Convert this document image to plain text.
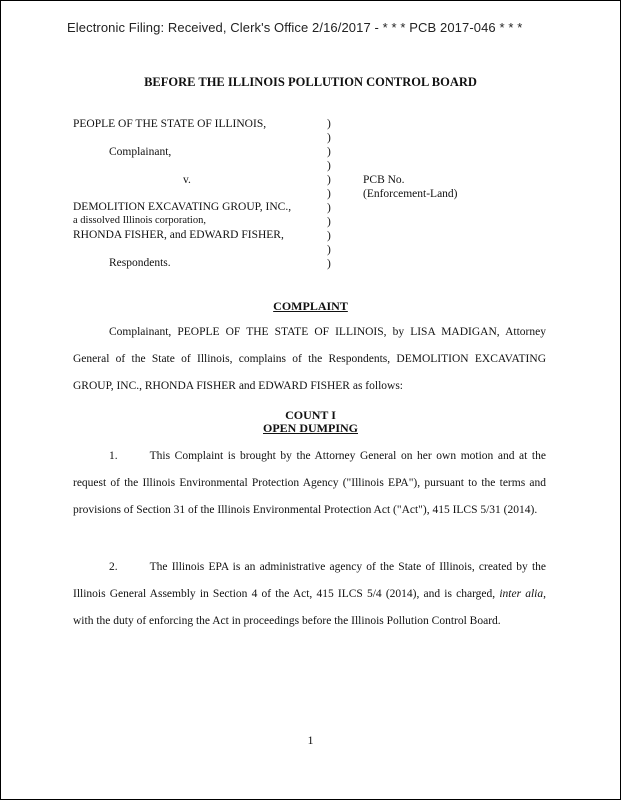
Electronic Filing: Received, Clerk's Office 2/16/2017 - * * * PCB 2017-046 * * *
BEFORE THE ILLINOIS POLLUTION CONTROL BOARD
PEOPLE OF THE STATE OF ILLINOIS,
Complainant,
v.
DEMOLITION EXCAVATING GROUP, INC.,
a dissolved Illinois corporation,
RHONDA FISHER, and EDWARD FISHER,
Respondents.
)
)
)
)
)
)
)
)
)
)
)
PCB No.
(Enforcement-Land)
COMPLAINT
Complainant, PEOPLE OF THE STATE OF ILLINOIS, by LISA MADIGAN, Attorney General of the State of Illinois, complains of the Respondents, DEMOLITION EXCAVATING GROUP, INC., RHONDA FISHER and EDWARD FISHER as follows:
COUNT I
OPEN DUMPING
1.	This Complaint is brought by the Attorney General on her own motion and at the request of the Illinois Environmental Protection Agency ("Illinois EPA"), pursuant to the terms and provisions of Section 31 of the Illinois Environmental Protection Act ("Act"), 415 ILCS 5/31 (2014).
2.	The Illinois EPA is an administrative agency of the State of Illinois, created by the Illinois General Assembly in Section 4 of the Act, 415 ILCS 5/4 (2014), and is charged, inter alia, with the duty of enforcing the Act in proceedings before the Illinois Pollution Control Board.
1
